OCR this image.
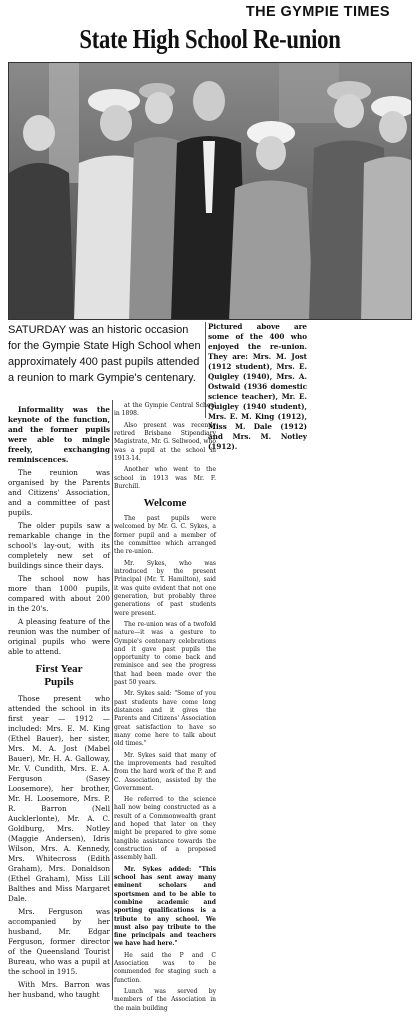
THE GYMPIE TIMES
State High School Re-union

SATURDAY was an historic occasion for the Gympie State High School when approximately 400 past pupils attended a reunion to mark Gympie's centenary.

Pictured above are some of the 400 who enjoyed the re-union. They are: Mrs. M. Jost (1912 student), Mrs. E. Quigley (1940), Mrs. A. Ostwald (1936 domestic science teacher), Mr. E. Quigley (1940 student), Mrs. E. M. King (1912), Miss M. Dale (1912) and Mrs. M. Notley (1912).

Informality was the keynote of the function, and the former pupils were able to mingle freely, exchanging reminiscences.

The reunion was organised by the Parents and Citizens' Association, and a committee of past pupils.

The older pupils saw a remarkable change in the school's lay-out, with its completely new set of buildings since their days.

The school now has more than 1000 pupils, compared with about 200 in the 20's.

A pleasing feature of the reunion was the number of original pupils who were able to attend.

First Year
Pupils

Those present who attended the school in its first year — 1912 — included: Mrs. E. M. King (Ethel Bauer), her sister, Mrs. M. A. Jost (Mabel Bauer), Mr. H. A. Galloway, Mr. V. Cundith, Mrs. E. A. Ferguson (Sasey Loosemore), her brother, Mr. H. Loosemore, Mrs. P. R. Barron (Nell Aucklerlonte), Mr. A. C. Goldburg, Mrs. Notley (Maggie Andersen), Idris Wilson, Mrs. A. Kennedy, Mrs. Whitecross (Edith Graham), Mrs. Donaldson (Ethel Graham), Miss Lill Balthes and Miss Margaret Dale.

Mrs. Ferguson was accompanied by her husband, Mr. Edgar Ferguson, former director of the Queensland Tourist Bureau, who was a pupil at the school in 1915.

With Mrs. Barron was her husband, who taught

at the Gympie Central School in 1898.

Also present was recently retired Brisbane Stipendiary Magistrate, Mr. G. Sellwood, who was a pupil at the school in 1913-14.

Another who went to the school in 1913 was Mr. F. Burchill.

Welcome

The past pupils were welcomed by Mr. G. C. Sykes, a former pupil and a member of the committee which arranged the re-union.

Mr. Sykes, who was introduced by the present Principal (Mr. T. Hamilton), said it was quite evident that not one generation, but probably three generations of past students were present.

The re-union was of a twofold nature—it was a gesture to Gympie's centenary celebrations and it gave past pupils the opportunity to come back and reminisce and see the progress that had been made over the past 50 years.

Mr. Sykes said: "Some of you past students have come long distances and it gives the Parents and Citizens' Association great satisfaction to have so many come here to talk about old times."

Mr. Sykes said that many of the improvements had resulted from the hard work of the P. and C. Association, assisted by the Government.

He referred to the science hall now being constructed as a result of a Commonwealth grant and hoped that later on they might be prepared to give some tangible assistance towards the construction of a proposed assembly hall.

Mr. Sykes added: "This school has sent away many eminent scholars and sportsmen and to be able to combine academic and sporting qualifications is a tribute to any school. We must also pay tribute to the fine principals and teachers we have had here."

He said the P and C Association was to be commended for staging such a function.

Lunch was served by members of the Association in the main building
